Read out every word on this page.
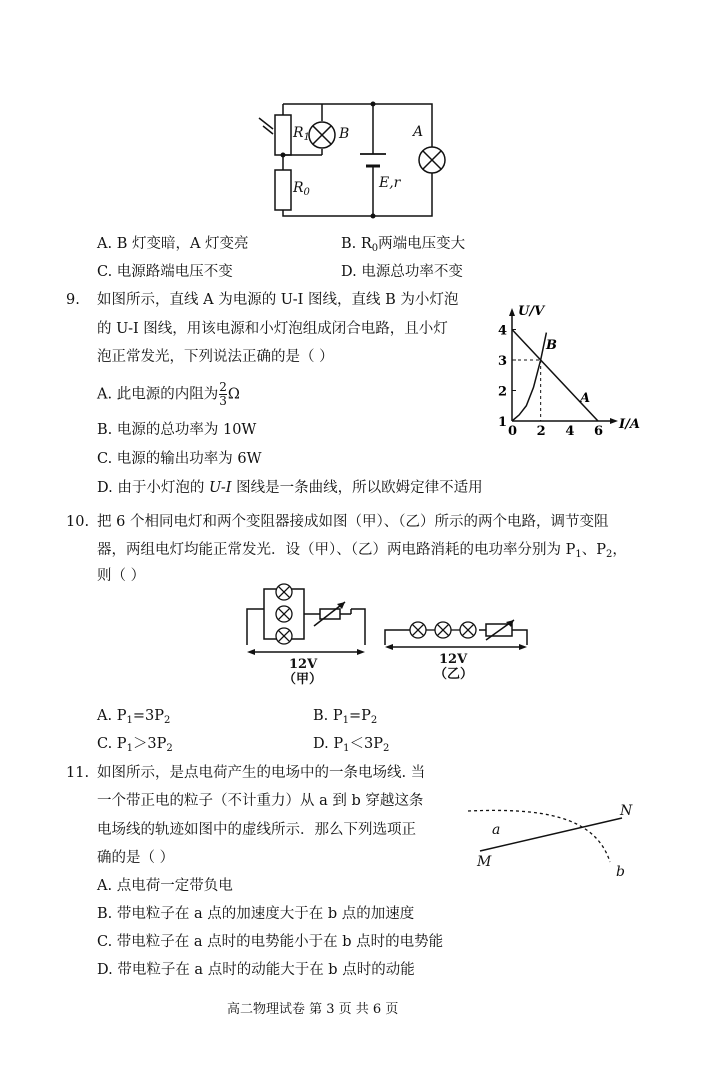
$R_1$ B	A
$R_0$
E,r
A. B 灯变暗，A 灯变亮	B. $R_0$两端电压变大
C. 电源路端电压不变	D. 电源总功率不变
9. 如图所示，直线 A 为电源的 U-I 图线，直线 B 为小灯泡
的 U-I 图线，用该电源和小灯泡组成闭合电路，且小灯
泡正常发光，下列说法正确的是（ ）
A. 此电源的内阻为 $\frac{2}{3}$ Ω
B. 电源的总功率为 10W
C. 电源的输出功率为 6W
D. 由于小灯泡的 U-I 图线是一条曲线，所以欧姆定律不适用
U/V
I/A
0 2 4 6
1
2
3
4
A
B
10. 把 6 个相同电灯和两个变阻器接成如图（甲）、（乙）所示的两个电路，调节变阻
器，两组电灯均能正常发光．设（甲）、（乙）两电路消耗的电功率分别为 $P_1$、$P_2$，
则（ ）
12V
（甲）
12V
（乙）
A. $P_1=3P_2$	B. $P_1=P_2$
C. $P_1>3P_2$	D. $P_1<3P_2$
11. 如图所示，是点电荷产生的电场中的一条电场线. 当
一个带正电的粒子（不计重力）从 a 到 b 穿越这条
电场线的轨迹如图中的虚线所示．那么下列选项正
确的是（ ）
N
M
a
b
A. 点电荷一定带负电
B. 带电粒子在 a 点的加速度大于在 b 点的加速度
C. 带电粒子在 a 点时的电势能小于在 b 点时的电势能
D. 带电粒子在 a 点时的动能大于在 b 点时的动能
高二物理试卷 第 3 页 共 6 页
